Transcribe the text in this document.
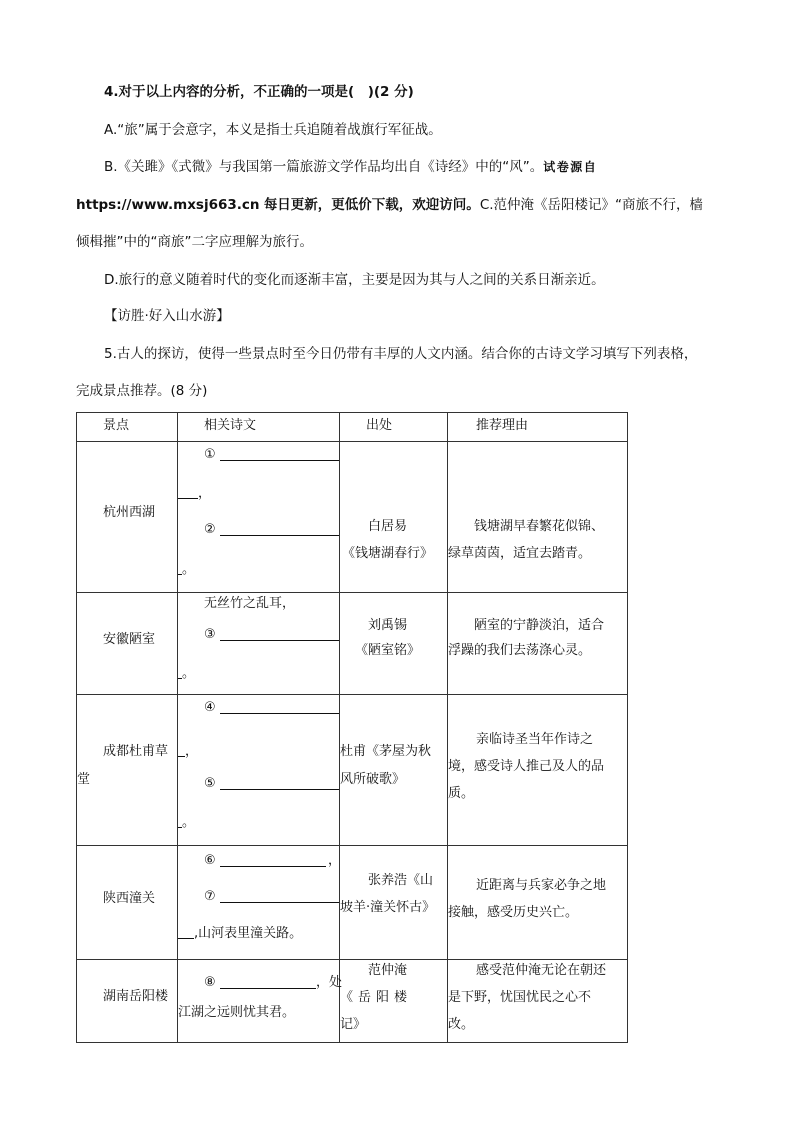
4.对于以上内容的分析，不正确的一项是(　)(2 分)
A.“旅”属于会意字，本义是指士兵追随着战旗行军征战。
B.《关雎》《式微》与我国第一篇旅游文学作品均出自《诗经》中的“风”。试卷源自
https://www.mxsj663.cn 每日更新，更低价下载，欢迎访问。C.范仲淹《岳阳楼记》“商旅不行，樯
倾楫摧”中的“商旅”二字应理解为旅行。
D.旅行的意义随着时代的变化而逐渐丰富，主要是因为其与人之间的关系日渐亲近。
【访胜·好入山水游】
5.古人的探访，使得一些景点时至今日仍带有丰厚的人文内涵。结合你的古诗文学习填写下列表格，
完成景点推荐。(8 分)
景点	相关诗文	出处	推荐理由

杭州西湖	①
，
②
。	白居易
《钱塘湖春行》	钱塘湖早春繁花似锦、
绿草茵茵，适宜去踏青。

安徽陋室	无丝竹之乱耳，
③
。	刘禹锡
《陋室铭》	陋室的宁静淡泊，适合
浮躁的我们去荡涤心灵。

成都杜甫草
堂	④
，
⑤
。	杜甫《茅屋为秋
风所破歌》	亲临诗圣当年作诗之
境，感受诗人推己及人的品
质。

陕西潼关	⑥ ，
⑦
,山河表里潼关路。	张养浩《山
坡羊·潼关怀古》	近距离与兵家必争之地
接触，感受历史兴亡。

湖南岳阳楼	⑧ ，处
江湖之远则忧其君。	范仲淹
《岳阳楼
记》	感受范仲淹无论在朝还
是下野，忧国忧民之心不
改。
